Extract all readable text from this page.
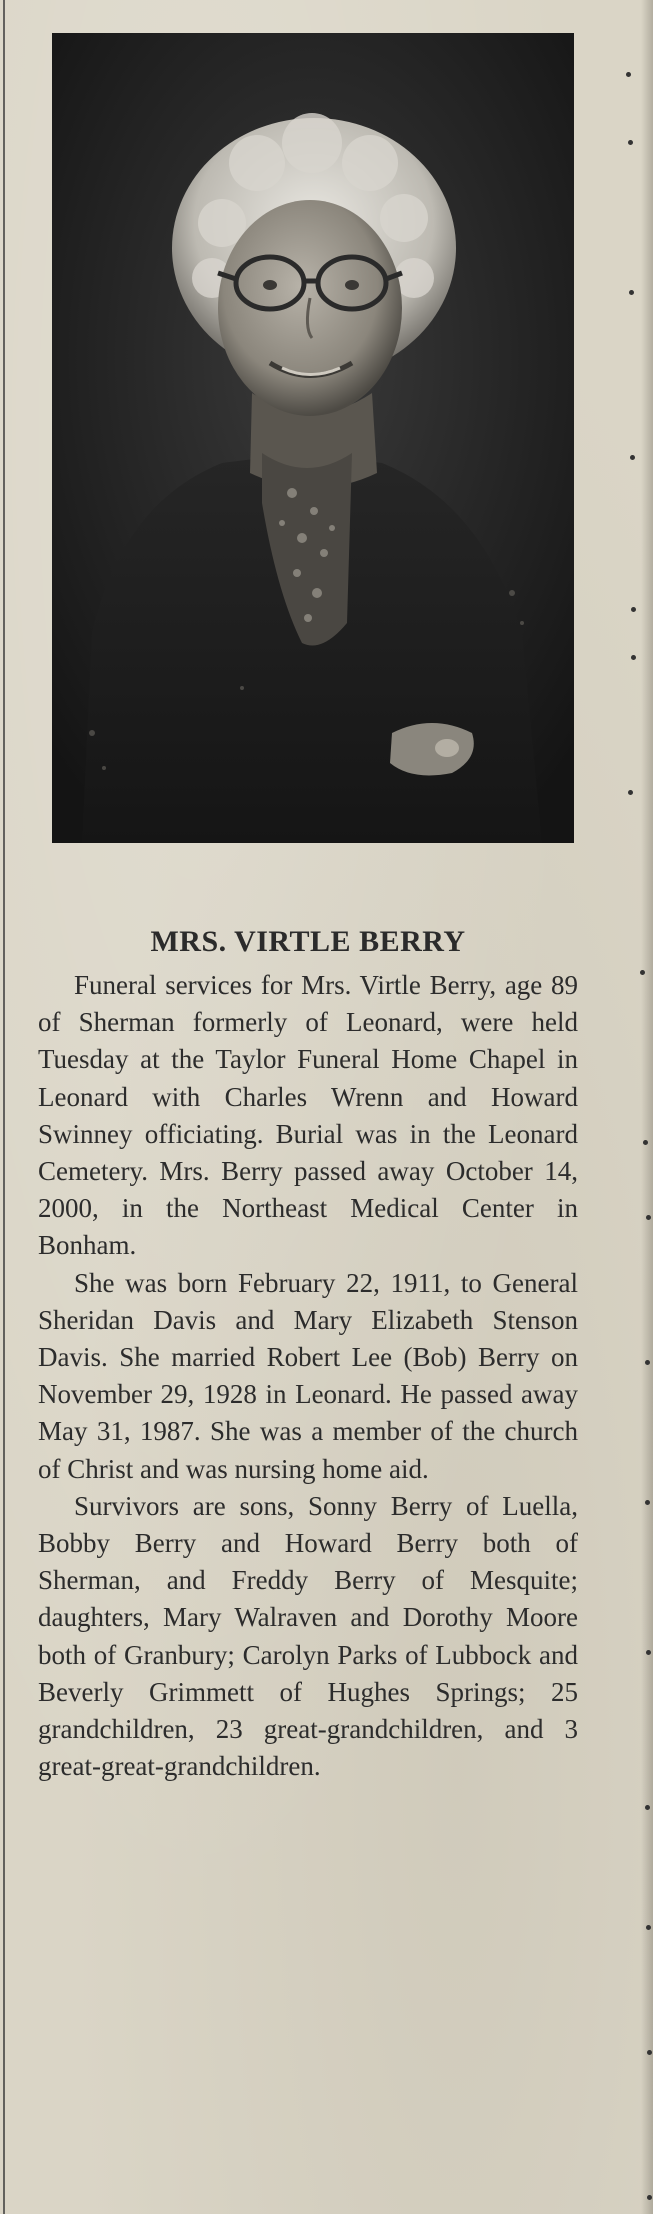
MRS. VIRTLE BERRY

Funeral services for Mrs. Virtle Berry, age 89 of Sherman formerly of Leonard, were held Tuesday at the Taylor Funeral Home Chapel in Leonard with Charles Wrenn and Howard Swinney officiating. Burial was in the Leonard Cemetery. Mrs. Berry passed away October 14, 2000, in the Northeast Medical Center in Bonham.

She was born February 22, 1911, to General Sheridan Davis and Mary Elizabeth Stenson Davis. She married Robert Lee (Bob) Berry on November 29, 1928 in Leonard. He passed away May 31, 1987. She was a member of the church of Christ and was nursing home aid.

Survivors are sons, Sonny Berry of Luella, Bobby Berry and Howard Berry both of Sherman, and Freddy Berry of Mesquite; daughters, Mary Walraven and Dorothy Moore both of Granbury; Carolyn Parks of Lubbock and Beverly Grimmett of Hughes Springs; 25 grandchildren, 23 great-grandchildren, and 3 great-great-grandchildren.
